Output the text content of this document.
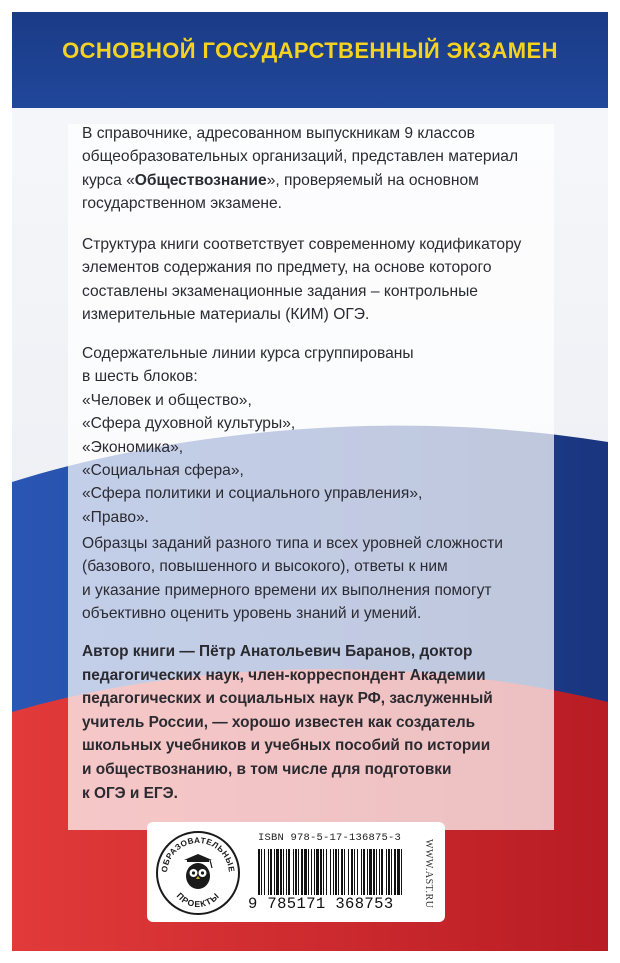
ОСНОВНОЙ ГОСУДАРСТВЕННЫЙ ЭКЗАМЕН
В справочнике, адресованном выпускникам 9 классов
общеобразовательных организаций, представлен материал
курса «Обществознание», проверяемый на основном
государственном экзамене.
Структура книги соответствует современному кодификатору
элементов содержания по предмету, на основе которого
составлены экзаменационные задания – контрольные
измерительные материалы (КИМ) ОГЭ.
Содержательные линии курса сгруппированы
в шесть блоков:
«Человек и общество»,
«Сфера духовной культуры»,
«Экономика»,
«Социальная сфера»,
«Сфера политики и социального управления»,
«Право».
Образцы заданий разного типа и всех уровней сложности
(базового, повышенного и высокого), ответы к ним
и указание примерного времени их выполнения помогут
объективно оценить уровень знаний и умений.
Автор книги — Пётр Анатольевич Баранов, доктор
педагогических наук, член-корреспондент Академии
педагогических и социальных наук РФ, заслуженный
учитель России, — хорошо известен как создатель
школьных учебников и учебных пособий по истории
и обществознанию, в том числе для подготовки
к ОГЭ и ЕГЭ.
ОБРАЗОВАТЕЛЬНЫЕ
ПРОЕКТЫ
ISBN 978-5-17-136875-3
9 785171 368753	WWW.AST.RU
